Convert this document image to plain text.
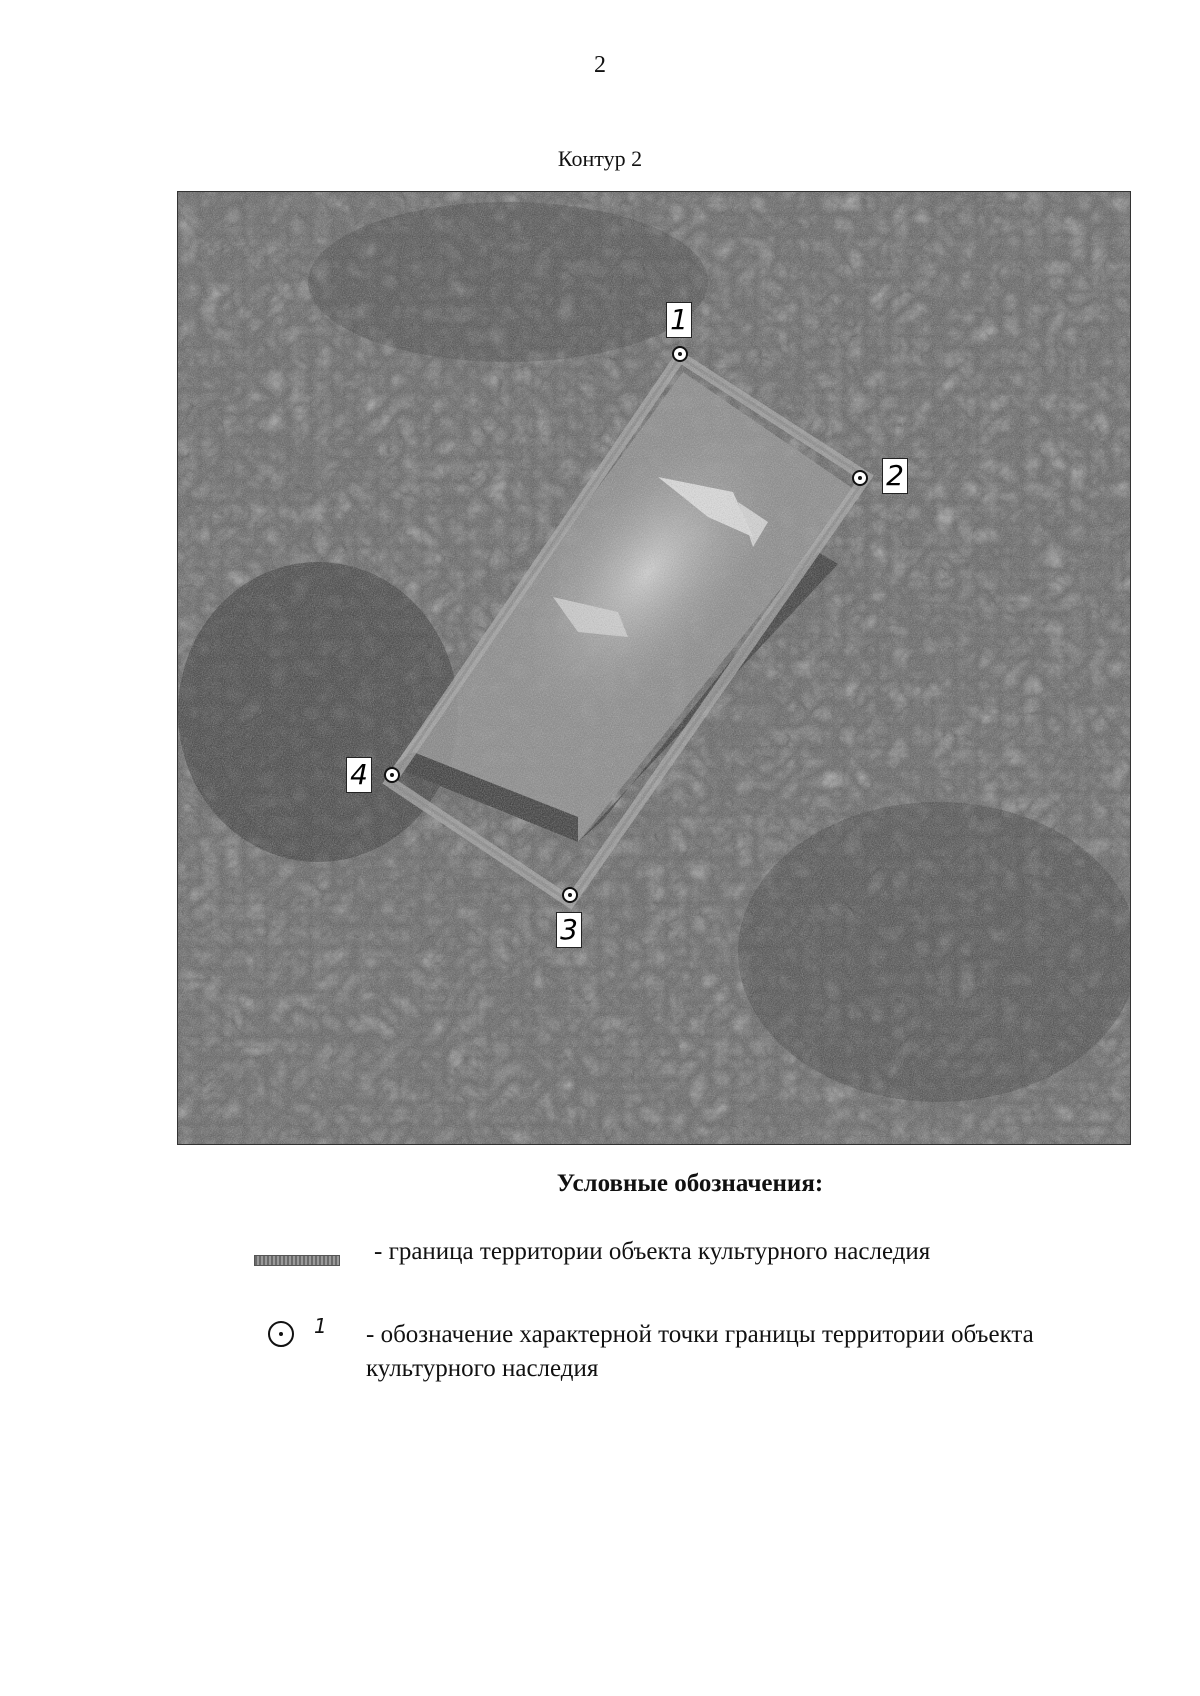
2
Контур 2
1
2
3
4
Условные обозначения:
- граница территории объекта культурного наследия
1 - обозначение характерной точки границы территории объекта культурного наследия
